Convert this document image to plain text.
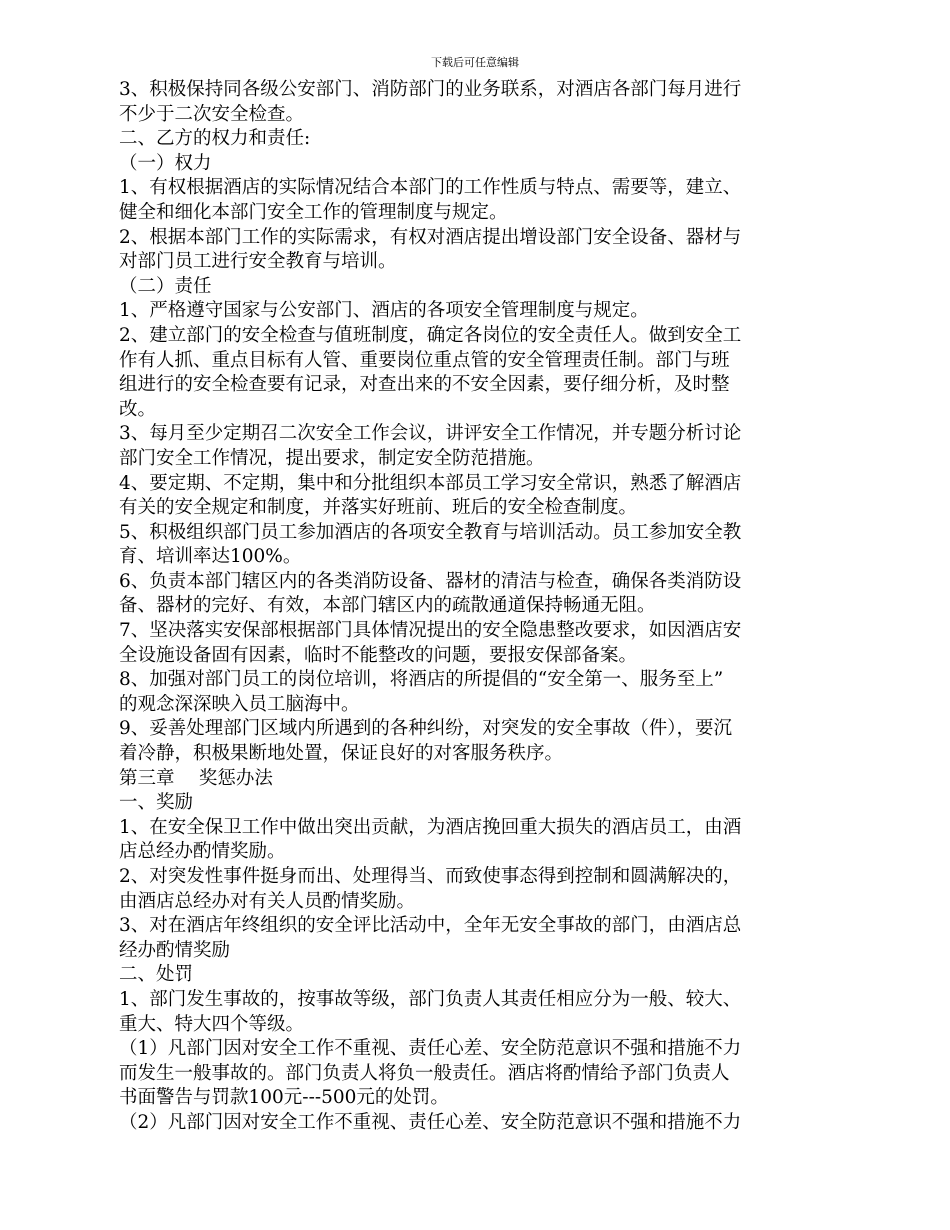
下载后可任意编辑
3、积极保持同各级公安部门、消防部门的业务联系，对酒店各部门每月进行
不少于二次安全检查。
二、乙方的权力和责任:
（一）权力
1、有权根据酒店的实际情况结合本部门的工作性质与特点、需要等，建立、
健全和细化本部门安全工作的管理制度与规定。
2、根据本部门工作的实际需求，有权对酒店提出增设部门安全设备、器材与
对部门员工进行安全教育与培训。
（二）责任
1、严格遵守国家与公安部门、酒店的各项安全管理制度与规定。
2、建立部门的安全检查与值班制度，确定各岗位的安全责任人。做到安全工
作有人抓、重点目标有人管、重要岗位重点管的安全管理责任制。部门与班
组进行的安全检查要有记录，对查出来的不安全因素，要仔细分析，及时整
改。
3、每月至少定期召二次安全工作会议，讲评安全工作情况，并专题分析讨论
部门安全工作情况，提出要求，制定安全防范措施。
4、要定期、不定期，集中和分批组织本部员工学习安全常识，熟悉了解酒店
有关的安全规定和制度，并落实好班前、班后的安全检查制度。
5、积极组织部门员工参加酒店的各项安全教育与培训活动。员工参加安全教
育、培训率达100%。
6、负责本部门辖区内的各类消防设备、器材的清洁与检查，确保各类消防设
备、器材的完好、有效，本部门辖区内的疏散通道保持畅通无阻。
7、坚决落实安保部根据部门具体情况提出的安全隐患整改要求，如因酒店安
全设施设备固有因素，临时不能整改的问题，要报安保部备案。
8、加强对部门员工的岗位培训，将酒店的所提倡的“安全第一、服务至上”
的观念深深映入员工脑海中。
9、妥善处理部门区域内所遇到的各种纠纷，对突发的安全事故（件），要沉
着冷静，积极果断地处置，保证良好的对客服务秩序。
第三章　 奖惩办法
一、奖励
1、在安全保卫工作中做出突出贡献，为酒店挽回重大损失的酒店员工，由酒
店总经办酌情奖励。
2、对突发性事件挺身而出、处理得当、而致使事态得到控制和圆满解决的，
由酒店总经办对有关人员酌情奖励。
3、对在酒店年终组织的安全评比活动中，全年无安全事故的部门，由酒店总
经办酌情奖励
二、处罚
1、部门发生事故的，按事故等级，部门负责人其责任相应分为一般、较大、
重大、特大四个等级。
（1）凡部门因对安全工作不重视、责任心差、安全防范意识不强和措施不力
而发生一般事故的。部门负责人将负一般责任。酒店将酌情给予部门负责人
书面警告与罚款100元---500元的处罚。
（2）凡部门因对安全工作不重视、责任心差、安全防范意识不强和措施不力
